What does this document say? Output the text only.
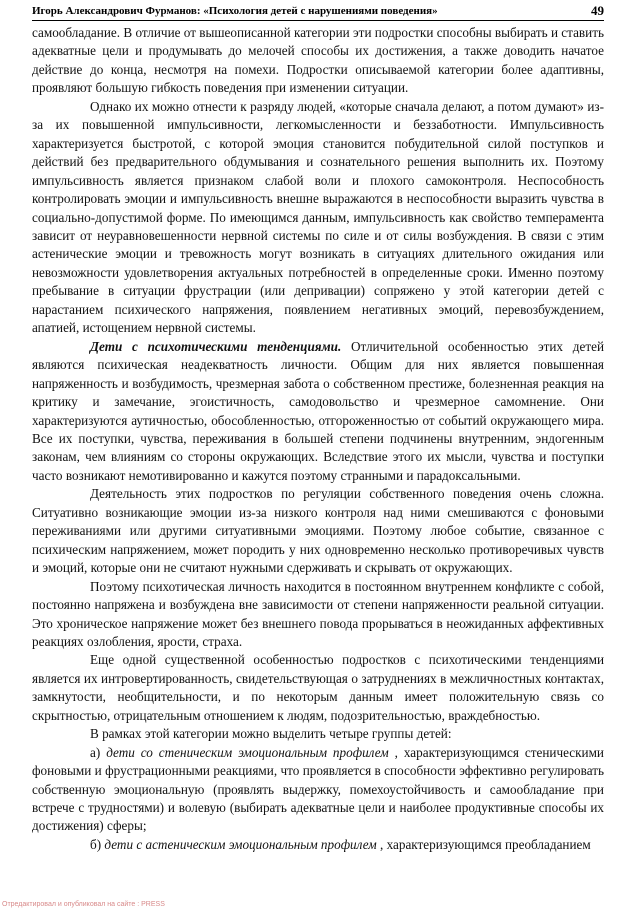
Игорь Александрович Фурманов: «Психология детей с нарушениями поведения»	49

самообладание. В отличие от вышеописанной категории эти подростки способны выбирать и ставить адекватные цели и продумывать до мелочей способы их достижения, а также доводить начатое действие до конца, несмотря на помехи. Подростки описываемой категории более адаптивны, проявляют большую гибкость поведения при изменении ситуации.

Однако их можно отнести к разряду людей, «которые сначала делают, а потом думают» из-за их повышенной импульсивности, легкомысленности и беззаботности. Импульсивность характеризуется быстротой, с которой эмоция становится побудительной силой поступков и действий без предварительного обдумывания и сознательного решения выполнить их. Поэтому импульсивность является признаком слабой воли и плохого самоконтроля. Неспособность контролировать эмоции и импульсивность внешне выражаются в неспособности выразить чувства в социально-допустимой форме. По имеющимся данным, импульсивность как свойство темперамента зависит от неуравновешенности нервной системы по силе и от силы возбуждения. В связи с этим астенические эмоции и тревожность могут возникать в ситуациях длительного ожидания или невозможности удовлетворения актуальных потребностей в определенные сроки. Именно поэтому пребывание в ситуации фрустрации (или депривации) сопряжено у этой категории детей с нарастанием психического напряжения, появлением негативных эмоций, перевозбуждением, апатией, истощением нервной системы.

Дети с психотическими тенденциями. Отличительной особенностью этих детей являются психическая неадекватность личности. Общим для них является повышенная напряженность и возбудимость, чрезмерная забота о собственном престиже, болезненная реакция на критику и замечание, эгоистичность, самодовольство и чрезмерное самомнение. Они характеризуются аутичностью, обособленностью, отгороженностью от событий окружающего мира. Все их поступки, чувства, переживания в большей степени подчинены внутренним, эндогенным законам, чем влияниям со стороны окружающих. Вследствие этого их мысли, чувства и поступки часто возникают немотивированно и кажутся поэтому странными и парадоксальными.

Деятельность этих подростков по регуляции собственного поведения очень сложна. Ситуативно возникающие эмоции из-за низкого контроля над ними смешиваются с фоновыми переживаниями или другими ситуативными эмоциями. Поэтому любое событие, связанное с психическим напряжением, может породить у них одновременно несколько противоречивых чувств и эмоций, которые они не считают нужными сдерживать и скрывать от окружающих.

Поэтому психотическая личность находится в постоянном внутреннем конфликте с собой, постоянно напряжена и возбуждена вне зависимости от степени напряженности реальной ситуации. Это хроническое напряжение может без внешнего повода прорываться в неожиданных аффективных реакциях озлобления, ярости, страха.

Еще одной существенной особенностью подростков с психотическими тенденциями является их интровертированность, свидетельствующая о затруднениях в межличностных контактах, замкнутости, необщительности, и по некоторым данным имеет положительную связь со скрытностью, отрицательным отношением к людям, подозрительностью, враждебностью.

В рамках этой категории можно выделить четыре группы детей:

а) дети со стеническим эмоциональным профилем , характеризующимся стеническими фоновыми и фрустрационными реакциями, что проявляется в способности эффективно регулировать собственную эмоциональную (проявлять выдержку, помехоустойчивость и самообладание при встрече с трудностями) и волевую (выбирать адекватные цели и наиболее продуктивные способы их достижения) сферы;

б) дети с астеническим эмоциональным профилем , характеризующимся преобладанием

Отредактировал и опубликовал на сайте : PRESS
